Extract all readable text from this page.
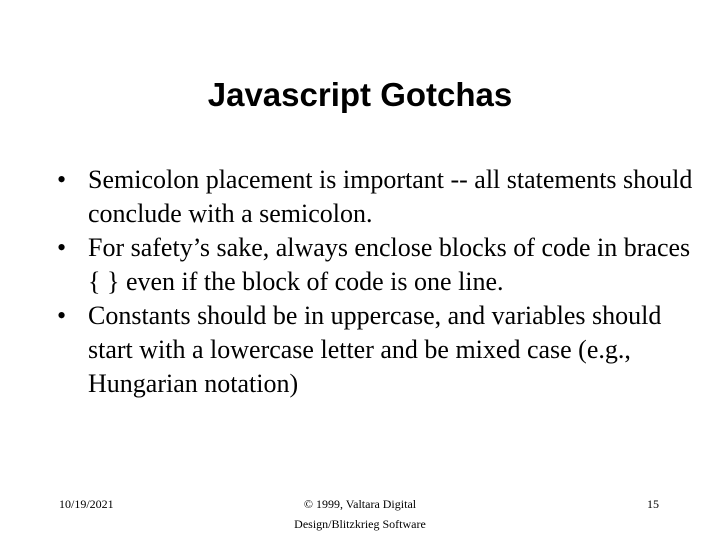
Javascript Gotchas
• Semicolon placement is important -- all statements should conclude with a semicolon.
• For safety’s sake, always enclose blocks of code in braces { } even if the block of code is one line.
• Constants should be in uppercase, and variables should start with a lowercase letter and be mixed case (e.g., Hungarian notation)
10/19/2021	© 1999, Valtara Digital
Design/Blitzkrieg Software
15
